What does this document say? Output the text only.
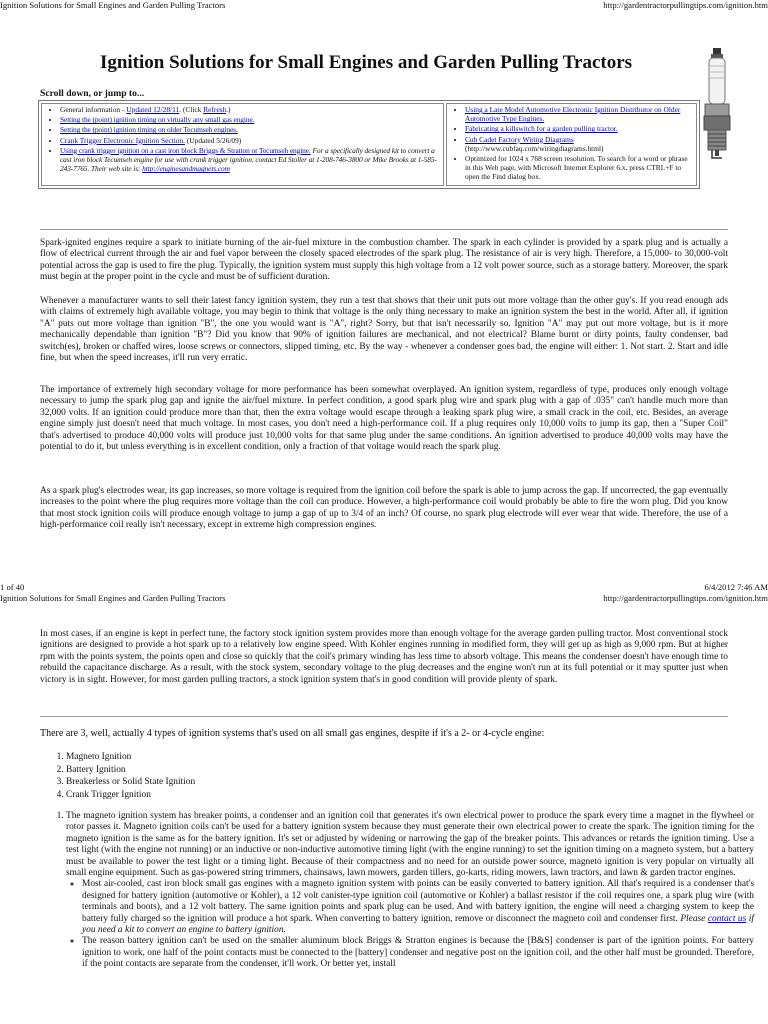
Ignition Solutions for Small Engines and Garden Pulling Tractors	http://gardentractorpullingtips.com/ignition.htm
Ignition Solutions for Small Engines and Garden Pulling Tractors
Scroll down, or jump to...
• General information - Updated 12/28/11. (Click Refresh.)
• Setting the (point) ignition timing on virtually any small gas engine.
• Setting the (point) ignition timing on older Tecumseh engines.
• Crank Trigger Electronic Ignition Section. (Updated 5/26/09)
• Using crank trigger ignition on a cast iron block Briggs & Stratton or Tecumseh engine. For a specifically designed kit to convert a cast iron block Tecumseh engine for use with crank trigger ignition, contact Ed Stoller at 1-208-746-3800 or Mike Brooks at 1-585-243-7765. Their web site is: http://enginesandmagnets.com

• Using a Late Model Automotive Electronic Ignition Distributor on Older Automotive Type Engines.
• Fabricating a killswitch for a garden pulling tractor.
• Cub Cadet Factory Wiring Diagrams
(http://www.cubfaq.com/wiringdiagrams.html)
• Optimized for 1024 x 768 screen resolution. To search for a word or phrase in this Web page, with Microsoft Internet Explorer 6.x, press CTRL+F to open the Find dialog box.

Spark-ignited engines require a spark to initiate burning of the air-fuel mixture in the combustion chamber. The spark in each cylinder is provided by a spark plug and is actually a flow of electrical current through the air and fuel vapor between the closely spaced electrodes of the spark plug. The resistance of air is very high. Therefore, a 15,000- to 30,000-volt potential across the gap is used to fire the plug. Typically, the ignition system must supply this high voltage from a 12 volt power source, such as a storage battery. Moreover, the spark must begin at the proper point in the cycle and must be of sufficient duration.

Whenever a manufacturer wants to sell their latest fancy ignition system, they run a test that shows that their unit puts out more voltage than the other guy's. If you read enough ads with claims of extremely high available voltage, you may begin to think that voltage is the only thing necessary to make an ignition system the best in the world. After all, if ignition "A" puts out more voltage than ignition "B", the one you would want is "A", right? Sorry, but that isn't necessarily so. Ignition "A" may put out more voltage, but is it more mechanically dependable than ignition "B"? Did you know that 90% of ignition failures are mechanical, and not electrical? Blame burnt or dirty points, faulty condenser, bad switch(es), broken or chaffed wires, loose screws or connectors, slipped timing, etc. By the way - whenever a condenser goes bad, the engine will either: 1. Not start. 2. Start and idle fine, but when the speed increases, it'll run very erratic.

The importance of extremely high secondary voltage for more performance has been somewhat overplayed. An ignition system, regardless of type, produces only enough voltage necessary to jump the spark plug gap and ignite the air/fuel mixture. In perfect condition, a good spark plug wire and spark plug with a gap of .035" can't handle much more than 32,000 volts. If an ignition could produce more than that, then the extra voltage would escape through a leaking spark plug wire, a small crack in the coil, etc. Besides, an average engine simply just doesn't need that much voltage. In most cases, you don't need a high-performance coil. If a plug requires only 10,000 volts to jump its gap, then a "Super Coil" that's advertised to produce 40,000 volts will produce just 10,000 volts for that same plug under the same conditions. An ignition advertised to produce 40,000 volts may have the potential to do it, but unless everything is in excellent condition, only a fraction of that voltage would reach the spark plug.

As a spark plug's electrodes wear, its gap increases, so more voltage is required from the ignition coil before the spark is able to jump across the gap. If uncorrected, the gap eventually increases to the point where the plug requires more voltage than the coil can produce. However, a high-performance coil would probably be able to fire the worn plug. Did you know that most stock ignition coils will produce enough voltage to jump a gap of up to 3/4 of an inch? Of course, no spark plug electrode will ever wear that wide. Therefore, the use of a high-performance coil really isn't necessary, except in extreme high compression engines.

1 of 40	6/4/2012 7:46 AM
Ignition Solutions for Small Engines and Garden Pulling Tractors	http://gardentractorpullingtips.com/ignition.htm

In most cases, if an engine is kept in perfect tune, the factory stock ignition system provides more than enough voltage for the average garden pulling tractor. Most conventional stock ignitions are designed to provide a hot spark up to a relatively low engine speed. With Kohler engines running in modified form, they will get up as high as 9,000 rpm. But at higher rpm with the points system, the points open and close so quickly that the coil's primary winding has less time to absorb voltage. This means the condenser doesn't have enough time to rebuild the capacitance discharge. As a result, with the stock system, secondary voltage to the plug decreases and the engine won't run at its full potential or it may sputter just when victory is in sight. However, for most garden pulling tractors, a stock ignition system that's in good condition will provide plenty of spark.

There are 3, well, actually 4 types of ignition systems that's used on all small gas engines, despite if it's a 2- or 4-cycle engine:
1. Magneto Ignition
2. Battery Ignition
3. Breakerless or Solid State Ignition
4. Crank Trigger Ignition
1. The magneto ignition system has breaker points, a condenser and an ignition coil that generates it's own electrical power to produce the spark every time a magnet in the flywheel or rotor passes it. Magneto ignition coils can't be used for a battery ignition system because they must generate their own electrical power to create the spark. The ignition timing for the magneto ignition is the same as for the battery ignition. It's set or adjusted by widening or narrowing the gap of the breaker points. This advances or retards the ignition timing. Use a test light (with the engine not running) or an inductive or non-inductive automotive timing light (with the engine running) to set the ignition timing on a magneto system, but a battery must be available to power the test light or a timing light. Because of their compactness and no need for an outside power source, magneto ignition is very popular on virtually all small engine equipment. Such as gas-powered string trimmers, chainsaws, lawn mowers, garden tillers, go-karts, riding mowers, lawn tractors, and lawn & garden tractor engines.
◦ Most air-cooled, cast iron block small gas engines with a magneto ignition system with points can be easily converted to battery ignition. All that's required is a condenser that's designed for battery ignition (automotive or Kohler), a 12 volt canister-type ignition coil (automotive or Kohler) a ballast resistor if the coil requires one, a spark plug wire (with terminals and boots), and a 12 volt battery. The same ignition points and spark plug can be used. And with battery ignition, the engine will need a charging system to keep the battery fully charged so the ignition will produce a hot spark. When converting to battery ignition, remove or disconnect the magneto coil and condenser first. Please contact us if you need a kit to convert an engine to battery ignition.
◦ The reason battery ignition can't be used on the smaller aluminum block Briggs & Stratton engines is because the [B&S] condenser is part of the ignition points. For battery ignition to work, one half of the point contacts must be connected to the [battery] condenser and negative post on the ignition coil, and the other half must be grounded. Therefore, if the point contacts are separate from the condenser, it'll work. Or better yet, install
